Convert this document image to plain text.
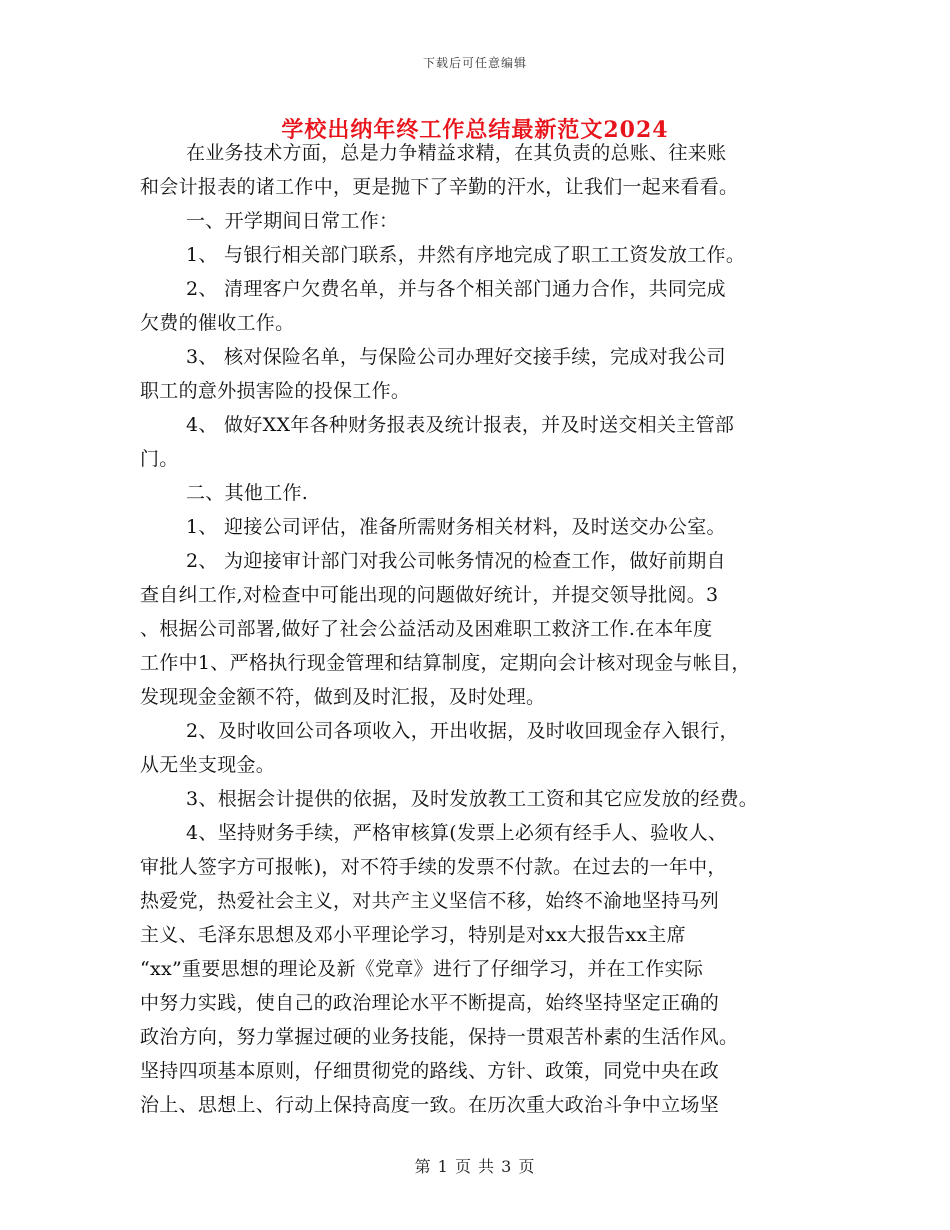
下载后可任意编辑
学校出纳年终工作总结最新范文2024
在业务技术方面，总是力争精益求精，在其负责的总账、往来账
和会计报表的诸工作中，更是抛下了辛勤的汗水，让我们一起来看看。
一、开学期间日常工作：
1、 与银行相关部门联系，井然有序地完成了职工工资发放工作。
2、 清理客户欠费名单，并与各个相关部门通力合作，共同完成
欠费的催收工作。
3、 核对保险名单，与保险公司办理好交接手续，完成对我公司
职工的意外损害险的投保工作。
4、 做好XX年各种财务报表及统计报表，并及时送交相关主管部
门。
二、其他工作.
1、 迎接公司评估，准备所需财务相关材料，及时送交办公室。
2、 为迎接审计部门对我公司帐务情况的检查工作，做好前期自
查自纠工作,对检查中可能出现的问题做好统计，并提交领导批阅。3
、根据公司部署,做好了社会公益活动及困难职工救济工作.在本年度
工作中1、严格执行现金管理和结算制度，定期向会计核对现金与帐目，
发现现金金额不符，做到及时汇报，及时处理。
2、及时收回公司各项收入，开出收据，及时收回现金存入银行，
从无坐支现金。
3、根据会计提供的依据，及时发放教工工资和其它应发放的经费。
4、坚持财务手续，严格审核算(发票上必须有经手人、验收人、
审批人签字方可报帐)，对不符手续的发票不付款。在过去的一年中，
热爱党，热爱社会主义，对共产主义坚信不移，始终不渝地坚持马列
主义、毛泽东思想及邓小平理论学习，特别是对xx大报告xx主席
“xx”重要思想的理论及新《党章》进行了仔细学习，并在工作实际
中努力实践，使自己的政治理论水平不断提高，始终坚持坚定正确的
政治方向，努力掌握过硬的业务技能，保持一贯艰苦朴素的生活作风。
坚持四项基本原则，仔细贯彻党的路线、方针、政策，同党中央在政
治上、思想上、行动上保持高度一致。在历次重大政治斗争中立场坚
第 1 页 共 3 页
